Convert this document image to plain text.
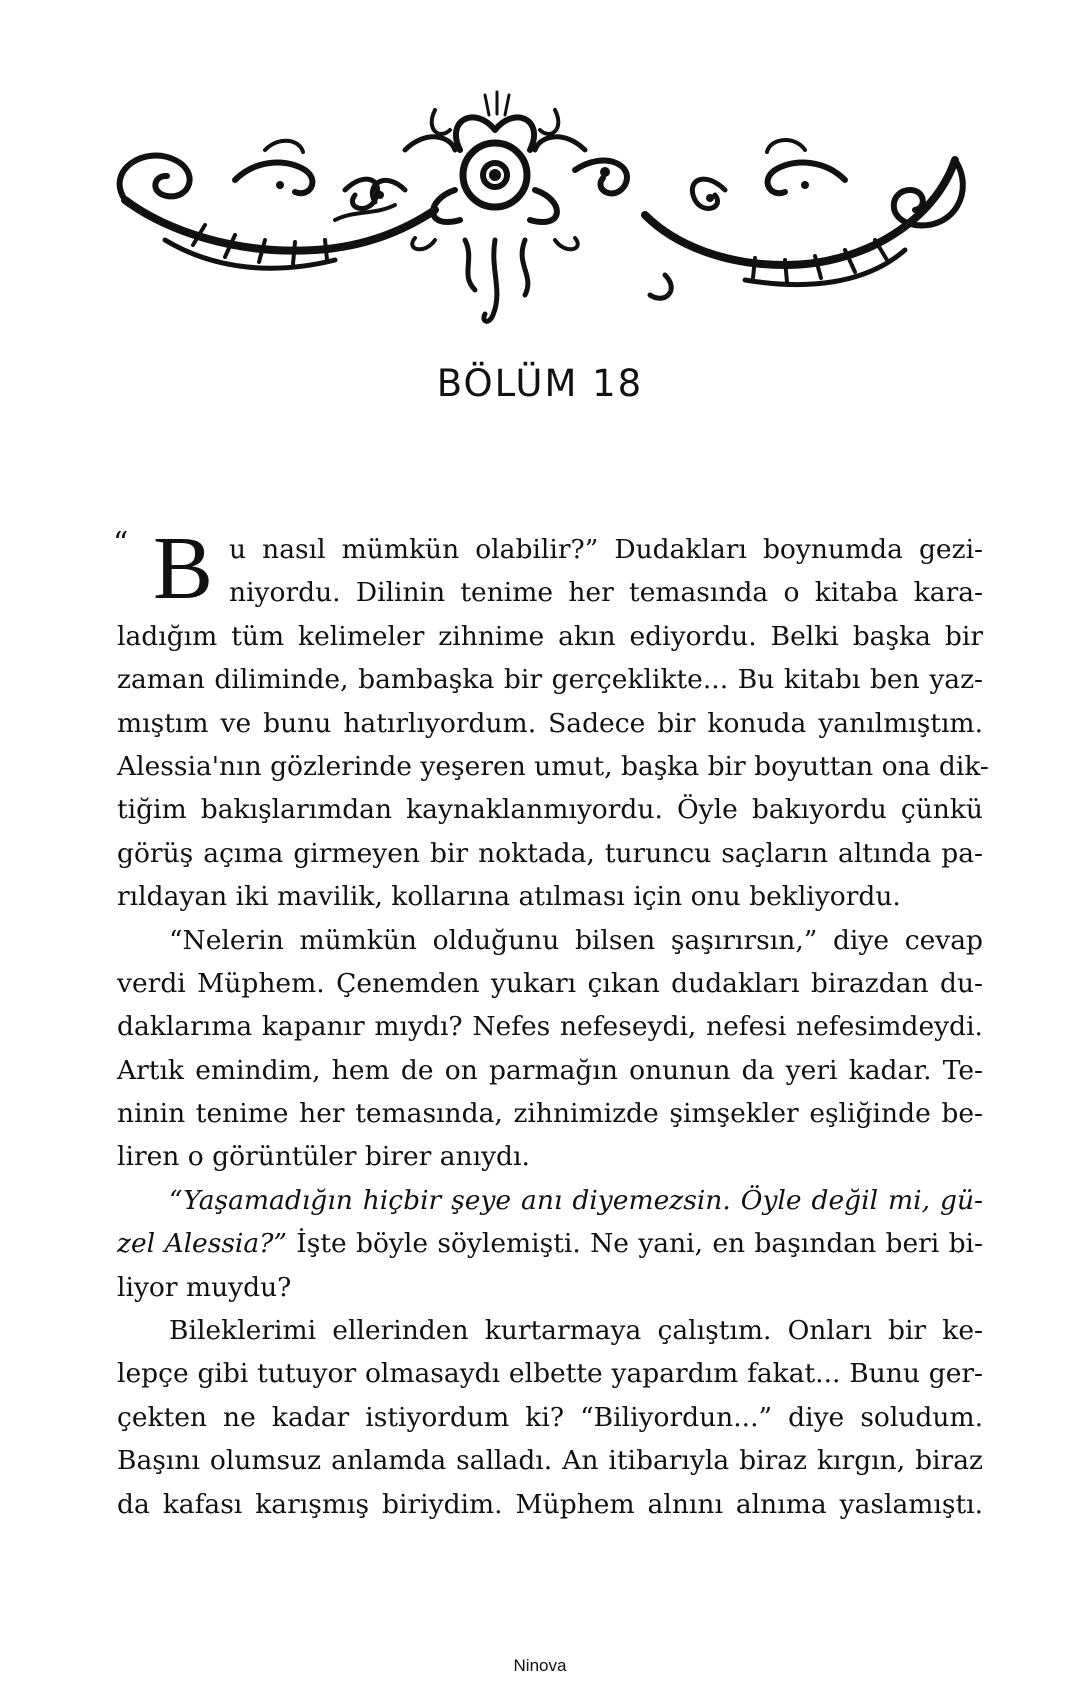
BÖLÜM 18
“ B u nasıl mümkün olabilir?” Dudakları boynumda gezi-
niyordu. Dilinin tenime her temasında o kitaba kara-
ladığım tüm kelimeler zihnime akın ediyordu. Belki başka bir
zaman diliminde, bambaşka bir gerçeklikte... Bu kitabı ben yaz-
mıştım ve bunu hatırlıyordum. Sadece bir konuda yanılmıştım.
Alessia'nın gözlerinde yeşeren umut, başka bir boyuttan ona dik-
tiğim bakışlarımdan kaynaklanmıyordu. Öyle bakıyordu çünkü
görüş açıma girmeyen bir noktada, turuncu saçların altında pa-
rıldayan iki mavilik, kollarına atılması için onu bekliyordu.
“Nelerin mümkün olduğunu bilsen şaşırırsın,” diye cevap
verdi Müphem. Çenemden yukarı çıkan dudakları birazdan du-
daklarıma kapanır mıydı? Nefes nefeseydi, nefesi nefesimdeydi.
Artık emindim, hem de on parmağın onunun da yeri kadar. Te-
ninin tenime her temasında, zihnimizde şimşekler eşliğinde be-
liren o görüntüler birer anıydı.
“Yaşamadığın hiçbir şeye anı diyemezsin. Öyle değil mi, gü-
zel Alessia?” İşte böyle söylemişti. Ne yani, en başından beri bi-
liyor muydu?
Bileklerimi ellerinden kurtarmaya çalıştım. Onları bir ke-
lepçe gibi tutuyor olmasaydı elbette yapardım fakat... Bunu ger-
çekten ne kadar istiyordum ki? “Biliyordun...” diye soludum.
Başını olumsuz anlamda salladı. An itibarıyla biraz kırgın, biraz
da kafası karışmış biriydim. Müphem alnını alnıma yaslamıştı.
Ninova
